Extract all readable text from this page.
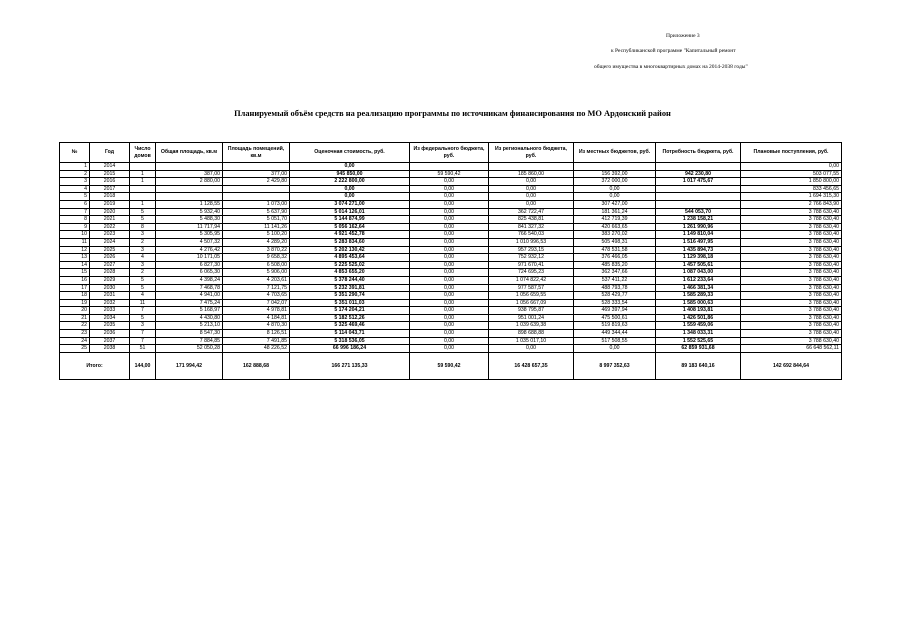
Приложение 3
к Республиканской программе "Капитальный ремонт
общего имущества в многоквартирных домах на 2014-2038 годы"
Планируемый объём средств на реализацию программы по источникам финансирования по МО Ардонский район
№	Год	Число домов	Общая площадь, кв.м	Площадь помещений, кв.м	Оценочная стоимость, руб.	Из федерального бюджета, руб.	Из регионального бюджета, руб.	Из местных бюджетов, руб.	Потребность бюджета, руб.	Плановые поступления, руб.
1	2014				0,00					0,00
2	2015	1	387,00	377,00	945 850,00	59 590,42	185 860,00	156 392,00	942 230,80	503 077,55
3	2016	1	2 880,00	2 429,80	2 222 800,00	0,00	0,00	372 000,00	1 017 475,67	1 850 800,00
4	2017				0,00	0,00	0,00	0,00		833 456,65
5	2018				0,00	0,00	0,00	0,00		1 694 315,30
6	2019	1	1 128,55	1 073,00	3 074 271,00	0,00	0,00	307 427,00		2 766 843,90
7	2020	5	5 932,40	5 637,90	5 014 126,01	0,00	362 722,47	181 361,24	544 053,70	3 788 630,40
8	2021	5	5 488,30	5 051,70	5 144 874,99	0,00	825 438,81	412 719,39	1 238 158,21	3 788 630,40
9	2022	8	11 717,94	11 141,26	5 056 162,64	0,00	841 327,32	420 663,65	1 261 990,96	3 788 630,40
10	2023	3	5 305,95	5 100,20	4 921 452,78	0,00	766 540,03	383 270,02	1 149 810,04	3 788 630,40
11	2024	2	4 507,32	4 289,20	5 283 834,60	0,00	1 010 996,53	505 498,31	1 516 497,95	3 788 630,40
12	2025	3	4 276,42	3 870,22	5 202 130,42	0,00	957 293,15	478 531,58	1 435 894,73	3 788 630,40
13	2026	4	10 171,05	9 658,32	4 895 453,64	0,00	752 932,12	376 466,05	1 129 398,18	3 788 630,40
14	2027	3	6 827,30	6 508,00	5 225 525,02	0,00	971 670,41	485 835,20	1 457 505,61	3 788 630,40
15	2028	2	6 065,30	5 906,00	4 853 655,20	0,00	724 695,23	362 347,66	1 087 043,00	3 788 630,40
16	2029	5	4 398,24	4 203,61	5 378 244,40	0,00	1 074 822,42	537 411,22	1 612 233,64	3 788 630,40
17	2030	5	7 468,78	7 121,75	5 232 391,81	0,00	977 587,57	488 793,78	1 466 381,34	3 788 630,40
18	2031	4	4 941,00	4 703,65	5 351 290,74	0,00	1 056 659,55	528 429,77	1 585 289,33	3 788 630,40
19	2032	11	7 475,24	7 042,07	5 351 011,03	0,00	1 056 667,09	528 333,54	1 585 000,63	3 788 630,40
20	2033	7	5 168,97	4 978,81	5 174 204,21	0,00	938 795,87	469 397,94	1 408 193,81	3 788 630,40
21	2034	5	4 430,80	4 184,81	5 182 512,26	0,00	951 001,24	475 500,61	1 426 501,86	3 788 630,40
22	2035	3	5 213,10	4 870,30	5 325 469,46	0,00	1 039 639,38	519 819,63	1 559 459,06	3 788 630,40
23	2036	7	8 547,30	8 126,51	5 114 043,71	0,00	898 688,88	449 344,44	1 348 033,31	3 788 630,40
24	2037	7	7 884,85	7 491,85	5 318 536,05	0,00	1 035 017,10	517 508,55	1 552 525,65	3 788 630,40
25	2038	51	52 050,28	48 226,52	66 996 186,24	0,00	0,00	0,00	62 859 931,68	66 648 562,11
Итого:		144,00	171 994,42	162 888,68	166 271 135,33	59 590,42	16 428 657,35	8 997 352,63	89 183 640,16	142 692 844,64
